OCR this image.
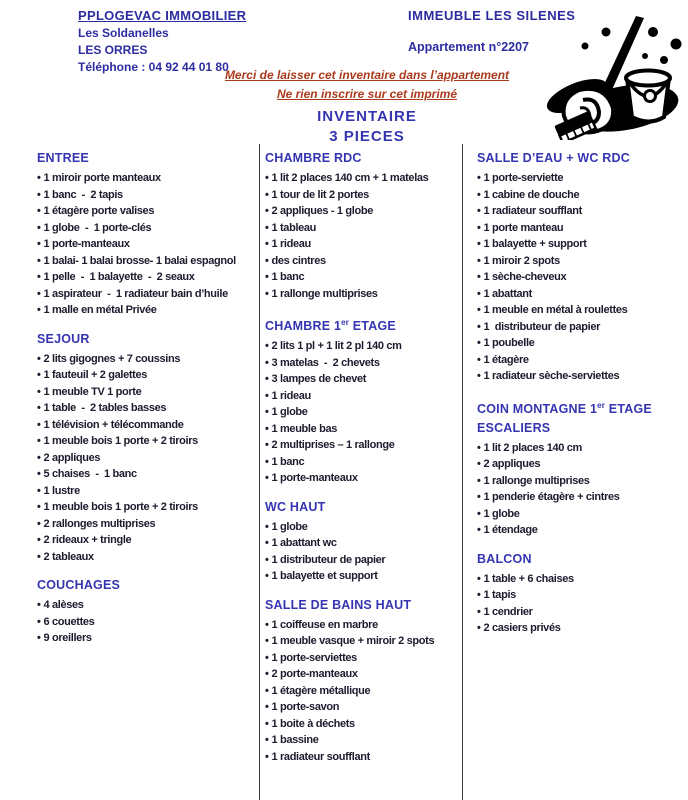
PPLOGEVAC IMMOBILIER
Les Soldanelles
LES ORRES
Téléphone : 04 92 44 01 80
IMMEUBLE LES SILENES
Appartement n°2207
Merci de laisser cet inventaire dans l’appartement
Ne rien inscrire sur cet imprimé
INVENTAIRE
3 PIECES
ENTREE
• 1 miroir porte manteaux
• 1 banc  -  2 tapis
• 1 étagère porte valises
• 1 globe  -  1 porte-clés
• 1 porte-manteaux
• 1 balai- 1 balai brosse- 1 balai espagnol
• 1 pelle  -  1 balayette  -  2 seaux
• 1 aspirateur  -  1 radiateur bain d’huile
• 1 malle en métal Privée
SEJOUR
• 2 lits gigognes + 7 coussins
• 1 fauteuil + 2 galettes
• 1 meuble TV 1 porte
• 1 table  -  2 tables basses
• 1 télévision + télécommande
• 1 meuble bois 1 porte + 2 tiroirs
• 2 appliques
• 5 chaises  -  1 banc
• 1 lustre
• 1 meuble bois 1 porte + 2 tiroirs
• 2 rallonges multiprises
• 2 rideaux + tringle
• 2 tableaux
COUCHAGES
• 4 alèses
• 6 couettes
• 9 oreillers
CHAMBRE RDC
• 1 lit 2 places 140 cm + 1 matelas
• 1 tour de lit 2 portes
• 2 appliques - 1 globe
• 1 tableau
• 1 rideau
• des cintres
• 1 banc
• 1 rallonge multiprises
CHAMBRE 1er ETAGE
• 2 lits 1 pl + 1 lit 2 pl 140 cm
• 3 matelas  -  2 chevets
• 3 lampes de chevet
• 1 rideau
• 1 globe
• 1 meuble bas
• 2 multiprises – 1 rallonge
• 1 banc
• 1 porte-manteaux
WC HAUT
• 1 globe
• 1 abattant wc
• 1 distributeur de papier
• 1 balayette et support
SALLE DE BAINS HAUT
• 1 coiffeuse en marbre
• 1 meuble vasque + miroir 2 spots
• 1 porte-serviettes
• 2 porte-manteaux
• 1 étagère métallique
• 1 porte-savon
• 1 boite à déchets
• 1 bassine
• 1 radiateur soufflant
SALLE D’EAU + WC RDC
• 1 porte-serviette
• 1 cabine de douche
• 1 radiateur soufflant
• 1 porte manteau
• 1 balayette + support
• 1 miroir 2 spots
• 1 sèche-cheveux
• 1 abattant
• 1 meuble en métal à roulettes
• 1  distributeur de papier
• 1 poubelle
• 1 étagère
• 1 radiateur sèche-serviettes
COIN MONTAGNE 1er ETAGE
ESCALIERS
• 1 lit 2 places 140 cm
• 2 appliques
• 1 rallonge multiprises
• 1 penderie étagère + cintres
• 1 globe
• 1 étendage
BALCON
• 1 table + 6 chaises
• 1 tapis
• 1 cendrier
• 2 casiers privés
